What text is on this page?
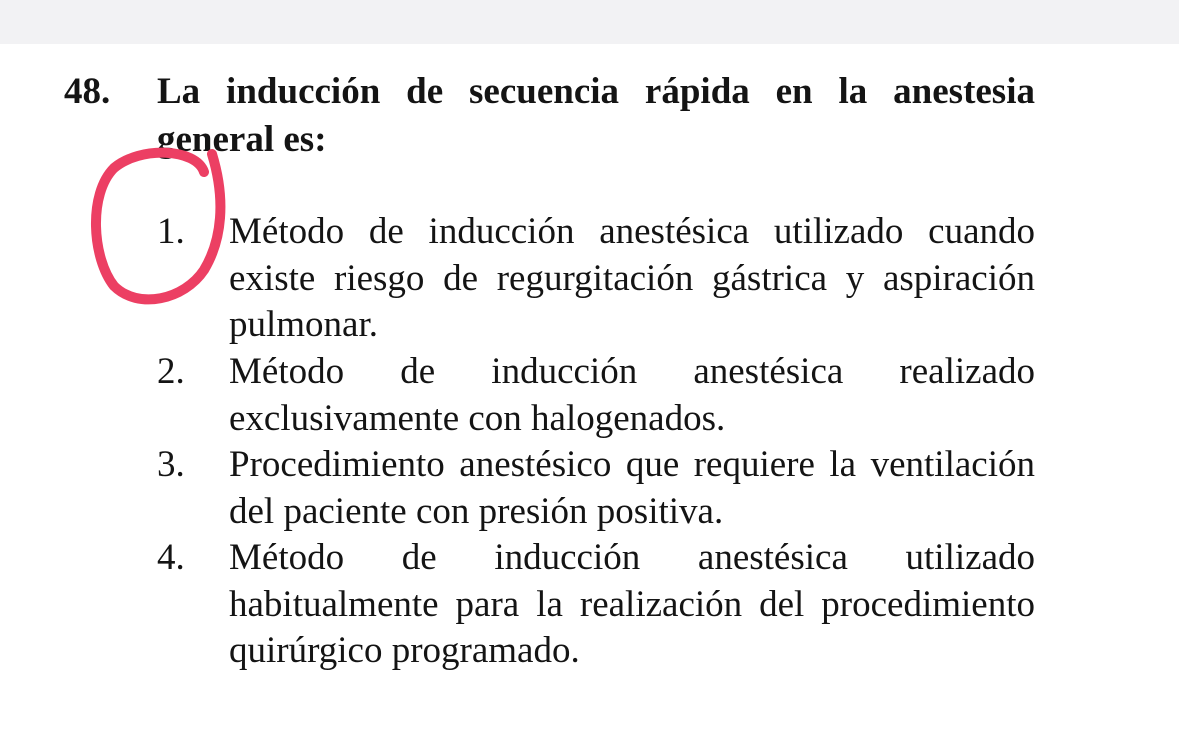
48. La inducción de secuencia rápida en la anestesia general es:
1. Método de inducción anestésica utilizado cuando existe riesgo de regurgitación gástrica y aspiración pulmonar.
2. Método de inducción anestésica realizado exclusivamente con halogenados.
3. Procedimiento anestésico que requiere la ventilación del paciente con presión positiva.
4. Método de inducción anestésica utilizado habitualmente para la realización del procedimiento quirúrgico programado.
